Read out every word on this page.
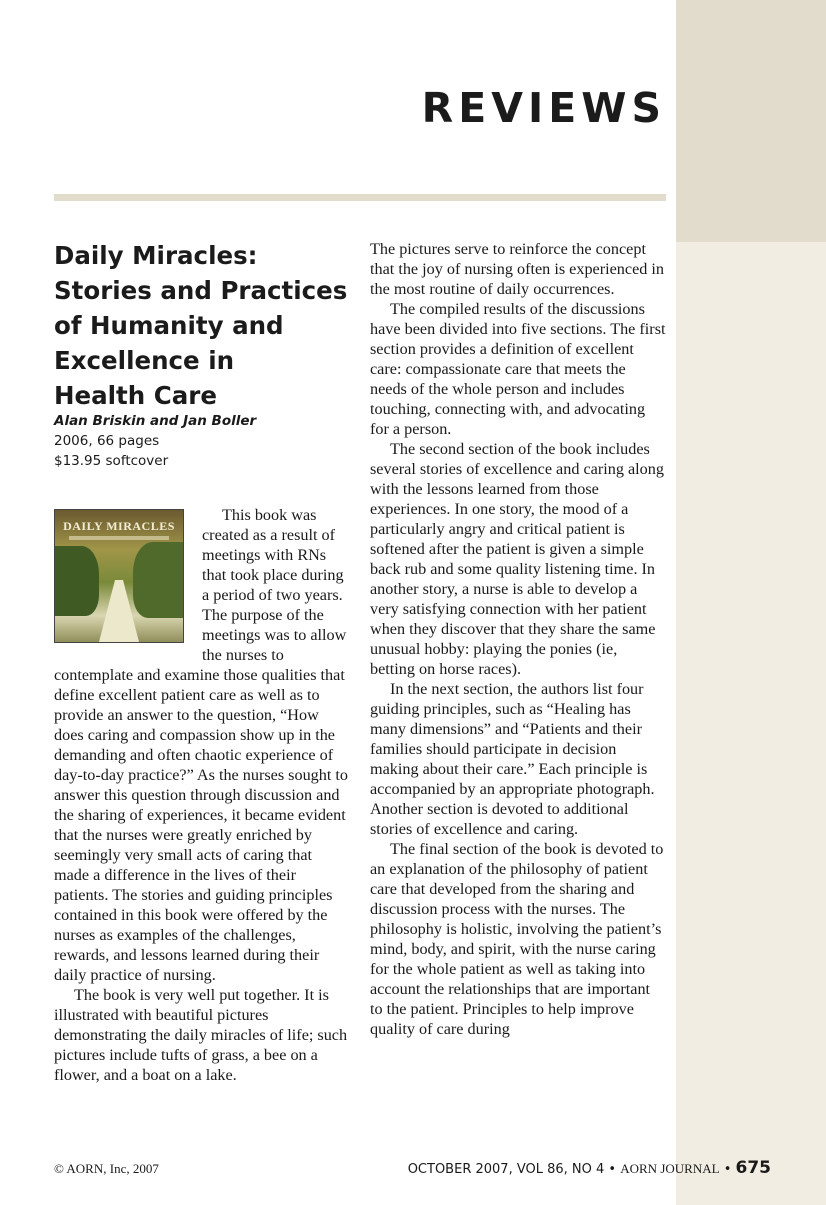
REVIEWS
Daily Miracles:
Stories and Practices
of Humanity and
Excellence in
Health Care
Alan Briskin and Jan Boller
2006, 66 pages
$13.95 softcover
DAILY MIRACLES

This book was created as a result of meetings with RNs that took place during a period of two years. The purpose of the meetings was to allow the nurses to contemplate and examine those qualities that define excellent patient care as well as to provide an answer to the question, “How does caring and compassion show up in the demanding and often chaotic experience of day-to-day practice?” As the nurses sought to answer this question through discussion and the sharing of experiences, it became evident that the nurses were greatly enriched by seemingly very small acts of caring that made a difference in the lives of their patients. The stories and guiding principles contained in this book were offered by the nurses as examples of the challenges, rewards, and lessons learned during their daily practice of nursing.

The book is very well put together. It is illustrated with beautiful pictures demonstrating the daily miracles of life; such pictures include tufts of grass, a bee on a flower, and a boat on a lake.

The pictures serve to reinforce the concept that the joy of nursing often is experienced in the most routine of daily occurrences.

The compiled results of the discussions have been divided into five sections. The first section provides a definition of excellent care: compassionate care that meets the needs of the whole person and includes touching, connecting with, and advocating for a person.

The second section of the book includes several stories of excellence and caring along with the lessons learned from those experiences. In one story, the mood of a particularly angry and critical patient is softened after the patient is given a simple back rub and some quality listening time. In another story, a nurse is able to develop a very satisfying connection with her patient when they discover that they share the same unusual hobby: playing the ponies (ie, betting on horse races).

In the next section, the authors list four guiding principles, such as “Healing has many dimensions” and “Patients and their families should participate in decision making about their care.” Each principle is accompanied by an appropriate photograph. Another section is devoted to additional stories of excellence and caring.

The final section of the book is devoted to an explanation of the philosophy of patient care that developed from the sharing and discussion process with the nurses. The philosophy is holistic, involving the patient’s mind, body, and spirit, with the nurse caring for the whole patient as well as taking into account the relationships that are important to the patient. Principles to help improve quality of care during

© AORN, Inc, 2007	OCTOBER 2007, VOL 86, NO 4 • AORN JOURNAL • 675
